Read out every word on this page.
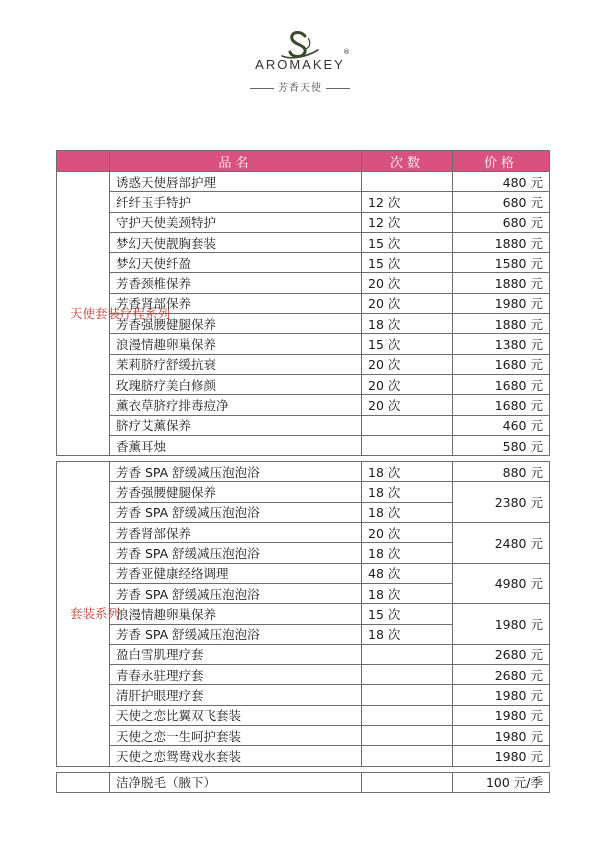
AROMAKEY
®
芳香天使
	品名	次数	价格

天使套装疗程系列	诱惑天使唇部护理		480 元
	纤纤玉手特护	12 次	680 元
	守护天使美颈特护	12 次	680 元
	梦幻天使靓胸套装	15 次	1880 元
	梦幻天使纤盈	15 次	1580 元
	芳香颈椎保养	20 次	1880 元
	芳香肾部保养	20 次	1980 元
	芳香强腰健腿保养	18 次	1880 元
	浪漫情趣卵巢保养	15 次	1380 元
	茉莉脐疗舒缓抗衰	20 次	1680 元
	玫瑰脐疗美白修颜	20 次	1680 元
	薰衣草脐疗排毒痘净	20 次	1680 元
	脐疗艾薰保养		460 元
	香薰耳烛		580 元

套装系列	芳香 SPA 舒缓减压泡泡浴	18 次	880 元
	芳香强腰健腿保养	18 次	2380 元
	芳香 SPA 舒缓减压泡泡浴	18 次	
	芳香肾部保养	20 次	2480 元
	芳香 SPA 舒缓减压泡泡浴	18 次	
	芳香亚健康经络调理	48 次	4980 元
	芳香 SPA 舒缓减压泡泡浴	18 次	
	浪漫情趣卵巢保养	15 次	1980 元
	芳香 SPA 舒缓减压泡泡浴	18 次	
	盈白雪肌理疗套		2680 元
	青春永驻理疗套		2680 元
	清肝护眼理疗套		1980 元
	天使之恋比翼双飞套装		1980 元
	天使之恋一生呵护套装		1980 元
	天使之恋鸳鸯戏水套装		1980 元

	洁净脱毛（腋下）		100 元/季
